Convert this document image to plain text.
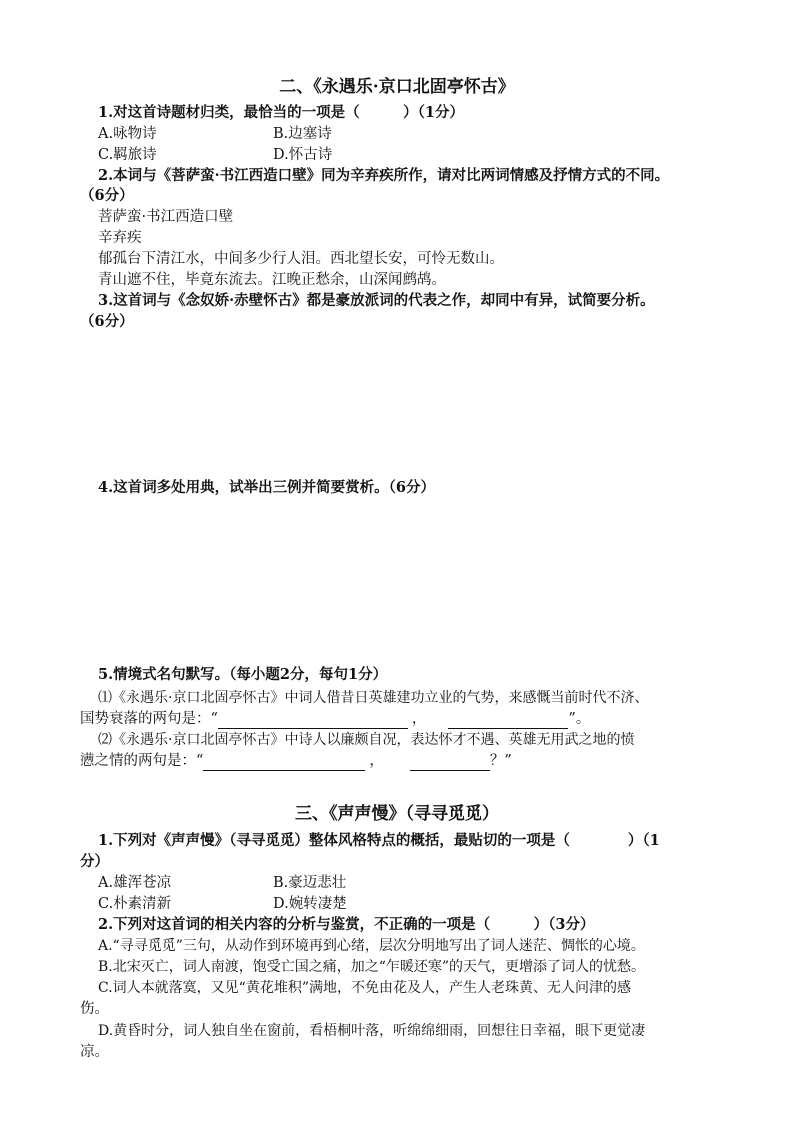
二、《永遇乐·京口北固亭怀古》
1.对这首诗题材归类，最恰当的一项是（　　　）（1分）
A.咏物诗	B.边塞诗
C.羁旅诗	D.怀古诗
2.本词与《菩萨蛮·书江西造口壁》同为辛弃疾所作，请对比两词情感及抒情方式的不同。
（6分）
菩萨蛮·书江西造口壁
辛弃疾
郁孤台下清江水，中间多少行人泪。西北望长安，可怜无数山。
青山遮不住，毕竟东流去。江晚正愁余，山深闻鹧鸪。
3.这首词与《念奴娇·赤壁怀古》都是豪放派词的代表之作，却同中有异，试简要分析。
（6分）
4.这首词多处用典，试举出三例并简要赏析。（6分）
5.情境式名句默写。（每小题2分，每句1分）
⑴《永遇乐·京口北固亭怀古》中词人借昔日英雄建功立业的气势，来感慨当前时代不济、
国势衰落的两句是：“	，	”。
⑵《永遇乐·京口北固亭怀古》中诗人以廉颇自况，表达怀才不遇、英雄无用武之地的愤
懑之情的两句是：“	，	？”
三、《声声慢》（寻寻觅觅）
1.下列对《声声慢》（寻寻觅觅）整体风格特点的概括，最贴切的一项是（　　　　）（1
分）
A.雄浑苍凉	B.豪迈悲壮
C.朴素清新	D.婉转凄楚
2.下列对这首词的相关内容的分析与鉴赏，不正确的一项是（　　　）（3分）
A.“寻寻觅觅”三句，从动作到环境再到心绪，层次分明地写出了词人迷茫、惆怅的心境。
B.北宋灭亡，词人南渡，饱受亡国之痛，加之“乍暖还寒”的天气，更增添了词人的忧愁。
C.词人本就落寞，又见“黄花堆积”满地，不免由花及人，产生人老珠黄、无人问津的感
伤。
D.黄昏时分，词人独自坐在窗前，看梧桐叶落，听绵绵细雨，回想往日幸福，眼下更觉凄
凉。
